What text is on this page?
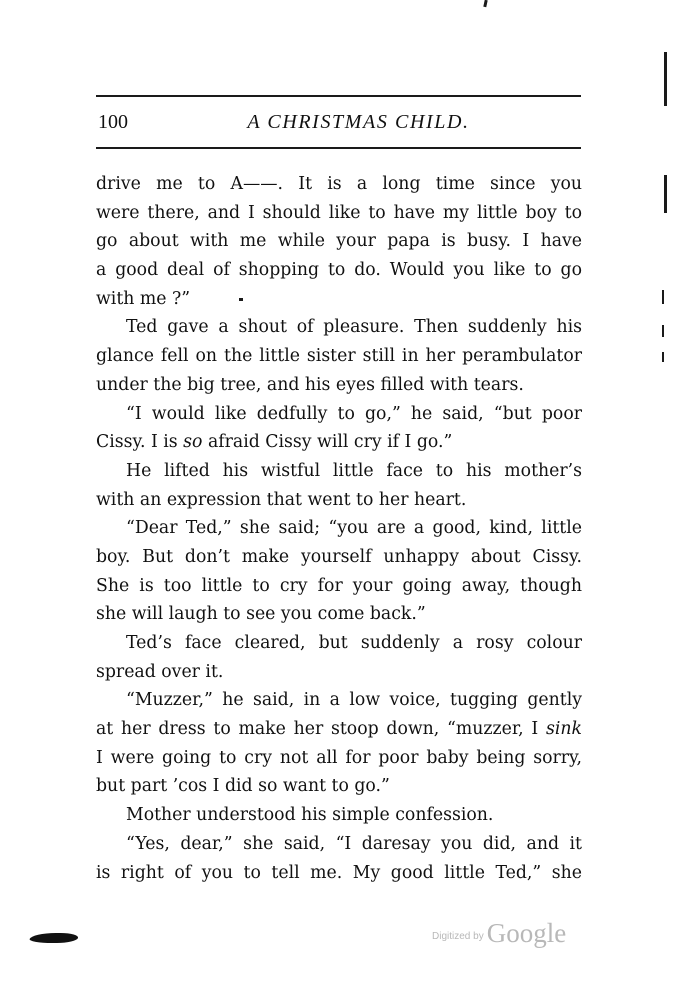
100	A CHRISTMAS CHILD.
drive me to A——. It is a long time since you
were there, and I should like to have my little boy to
go about with me while your papa is busy. I have
a good deal of shopping to do. Would you like to go
with me ?”
Ted gave a shout of pleasure. Then suddenly his
glance fell on the little sister still in her perambulator
under the big tree, and his eyes filled with tears.
“I would like dedfully to go,” he said, “but poor
Cissy. I is so afraid Cissy will cry if I go.”
He lifted his wistful little face to his mother’s
with an expression that went to her heart.
“Dear Ted,” she said; “you are a good, kind, little
boy. But don’t make yourself unhappy about Cissy.
She is too little to cry for your going away, though
she will laugh to see you come back.”
Ted’s face cleared, but suddenly a rosy colour
spread over it.
“Muzzer,” he said, in a low voice, tugging gently
at her dress to make her stoop down, “muzzer, I sink
I were going to cry not all for poor baby being sorry,
but part ’cos I did so want to go.”
Mother understood his simple confession.
“Yes, dear,” she said, “I daresay you did, and it
is right of you to tell me. My good little Ted,” she
Digitized by Google
